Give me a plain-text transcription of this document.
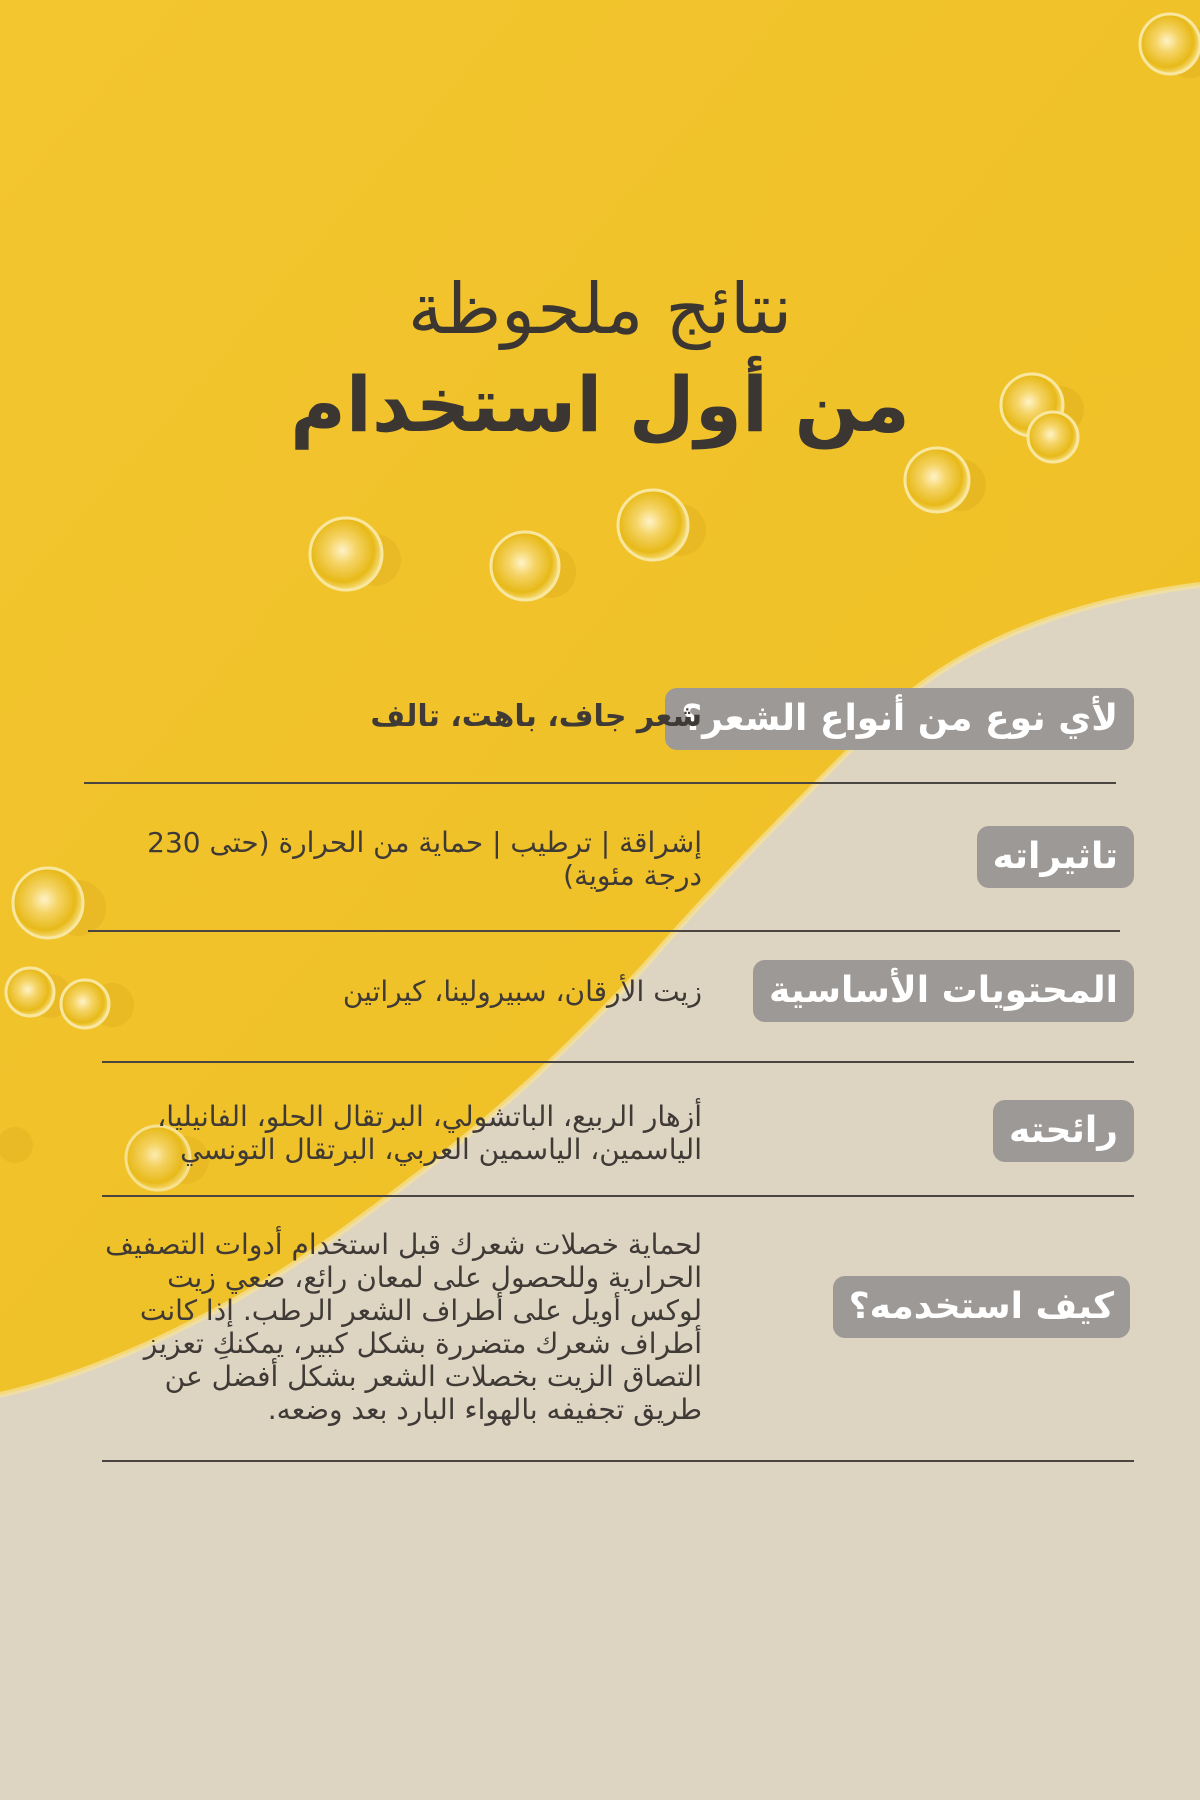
نتائج ملحوظة
من أول استخدام
لأي نوع من أنواع الشعر؟
شعر جاف، باهت، تالف
تاثيراته
إشراقة | ترطيب | حماية من الحرارة (حتى 230 درجة مئوية)
المحتويات الأساسية
زيت الأرقان، سبيرولينا، كيراتين
رائحته
أزهار الربيع، الباتشولي، البرتقال الحلو، الفانيليا، الياسمين، الياسمين العربي، البرتقال التونسي
كيف استخدمه؟
لحماية خصلات شعرك قبل استخدام أدوات التصفيف الحرارية وللحصول على لمعان رائع، ضعي زيت لوكس أويل على أطراف الشعر الرطب. إذا كانت أطراف شعرك متضررة بشكل كبير، يمكنكِ تعزيز التصاق الزيت بخصلات الشعر بشكل أفضل عن طريق تجفيفه بالهواء البارد بعد وضعه.
